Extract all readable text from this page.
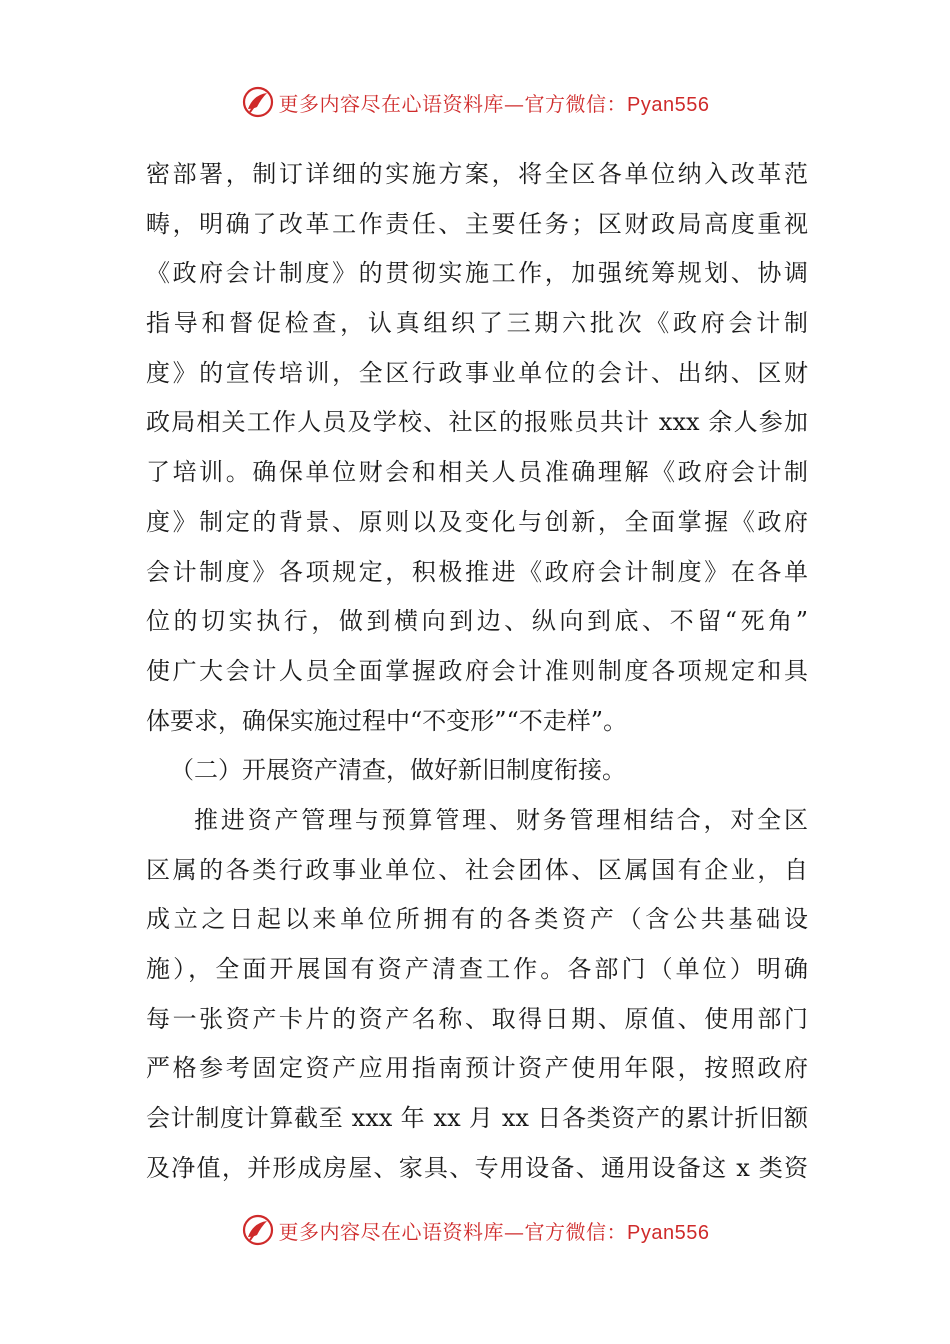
更多内容尽在心语资料库—官方微信：Pyan556
密部署，制订详细的实施方案，将全区各单位纳入改革范
畴，明确了改革工作责任、主要任务；区财政局高度重视
《政府会计制度》的贯彻实施工作，加强统筹规划、协调
指导和督促检查，认真组织了三期六批次《政府会计制
度》的宣传培训，全区行政事业单位的会计、出纳、区财
政局相关工作人员及学校、社区的报账员共计 xxx 余人参加
了培训。确保单位财会和相关人员准确理解《政府会计制
度》制定的背景、原则以及变化与创新，全面掌握《政府
会计制度》各项规定，积极推进《政府会计制度》在各单
位的切实执行，做到横向到边、纵向到底、不留“死角”
使广大会计人员全面掌握政府会计准则制度各项规定和具
体要求，确保实施过程中“不变形”“不走样”。
（二）开展资产清查，做好新旧制度衔接。
推进资产管理与预算管理、财务管理相结合，对全区
区属的各类行政事业单位、社会团体、区属国有企业，自
成立之日起以来单位所拥有的各类资产（含公共基础设
施），全面开展国有资产清查工作。各部门（单位）明确
每一张资产卡片的资产名称、取得日期、原值、使用部门
严格参考固定资产应用指南预计资产使用年限，按照政府
会计制度计算截至 xxx 年 xx 月 xx 日各类资产的累计折旧额
及净值，并形成房屋、家具、专用设备、通用设备这 x 类资
更多内容尽在心语资料库—官方微信：Pyan556
